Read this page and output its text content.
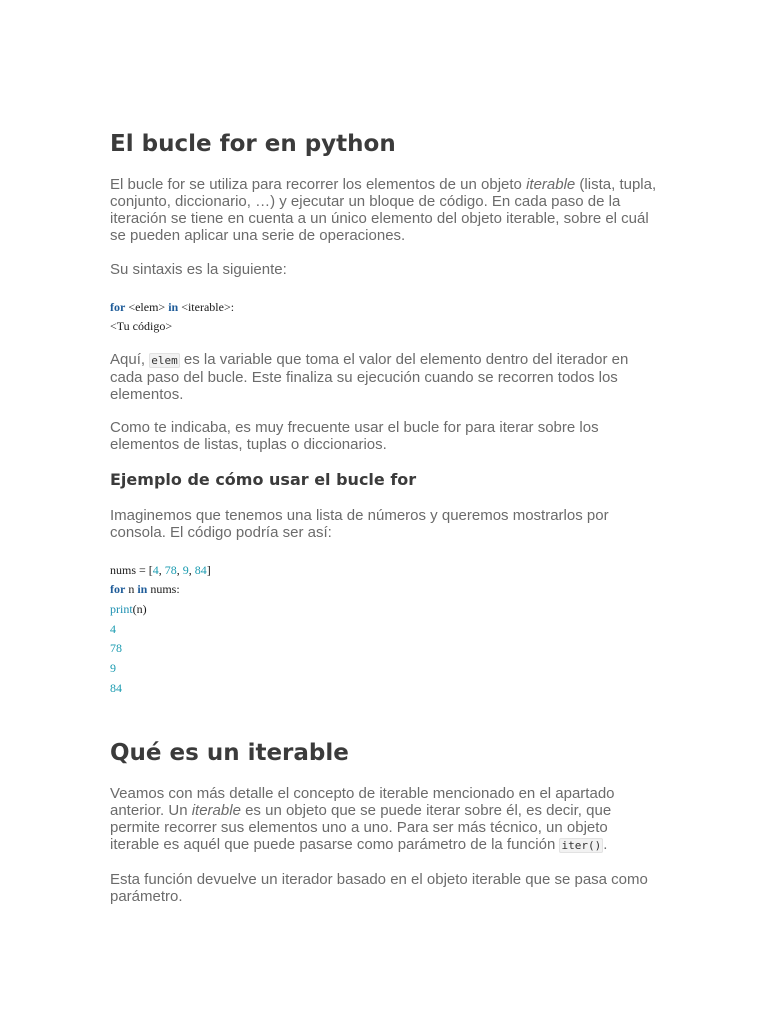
El bucle for en python

El bucle for se utiliza para recorrer los elementos de un objeto iterable (lista, tupla, conjunto, diccionario, …) y ejecutar un bloque de código. En cada paso de la iteración se tiene en cuenta a un único elemento del objeto iterable, sobre el cuál se pueden aplicar una serie de operaciones.

Su sintaxis es la siguiente:

for <elem> in <iterable>:
<Tu código>

Aquí, elem es la variable que toma el valor del elemento dentro del iterador en cada paso del bucle. Este finaliza su ejecución cuando se recorren todos los elementos.

Como te indicaba, es muy frecuente usar el bucle for para iterar sobre los elementos de listas, tuplas o diccionarios.

Ejemplo de cómo usar el bucle for

Imaginemos que tenemos una lista de números y queremos mostrarlos por consola. El código podría ser así:

nums = [4, 78, 9, 84]
for n in nums:
print(n)
4
78
9
84
Qué es un iterable

Veamos con más detalle el concepto de iterable mencionado en el apartado anterior. Un iterable es un objeto que se puede iterar sobre él, es decir, que permite recorrer sus elementos uno a uno. Para ser más técnico, un objeto iterable es aquél que puede pasarse como parámetro de la función iter() .

Esta función devuelve un iterador basado en el objeto iterable que se pasa como parámetro.
